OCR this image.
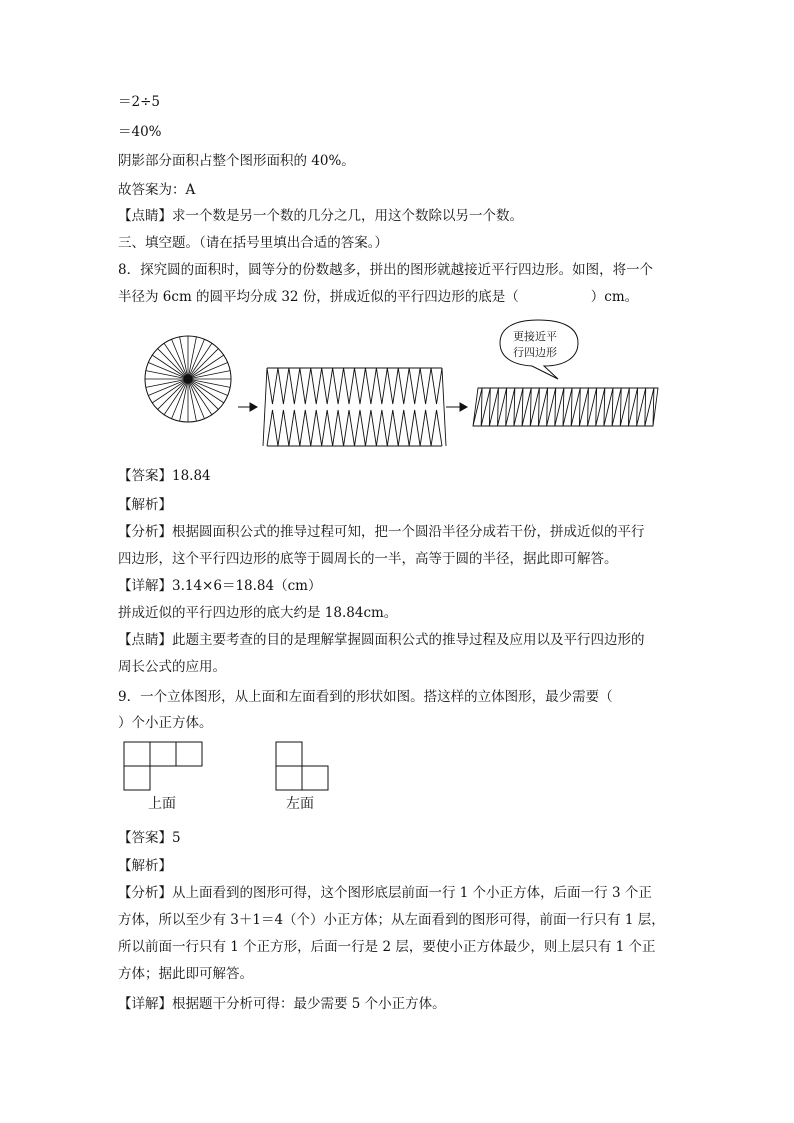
＝2÷5
＝40%
阴影部分面积占整个图形面积的 40%。
故答案为：A
【点睛】求一个数是另一个数的几分之几，用这个数除以另一个数。
三、填空题。（请在括号里填出合适的答案。）
8．探究圆的面积时，圆等分的份数越多，拼出的图形就越接近平行四边形。如图，将一个
半径为 6cm 的圆平均分成 32 份，拼成近似的平行四边形的底是（	）cm。
更接近平
行四边形
【答案】18.84
【解析】
【分析】根据圆面积公式的推导过程可知，把一个圆沿半径分成若干份，拼成近似的平行
四边形，这个平行四边形的底等于圆周长的一半，高等于圆的半径，据此即可解答。
【详解】3.14×6＝18.84（cm）
拼成近似的平行四边形的底大约是 18.84cm。
【点睛】此题主要考查的目的是理解掌握圆面积公式的推导过程及应用以及平行四边形的
周长公式的应用。
9．一个立体图形，从上面和左面看到的形状如图。搭这样的立体图形，最少需要（
）个小正方体。
上面	左面
【答案】5
【解析】
【分析】从上面看到的图形可得，这个图形底层前面一行 1 个小正方体，后面一行 3 个正
方体，所以至少有 3＋1＝4（个）小正方体；从左面看到的图形可得，前面一行只有 1 层，
所以前面一行只有 1 个正方形，后面一行是 2 层，要使小正方体最少，则上层只有 1 个正
方体；据此即可解答。
【详解】根据题干分析可得：最少需要 5 个小正方体。
